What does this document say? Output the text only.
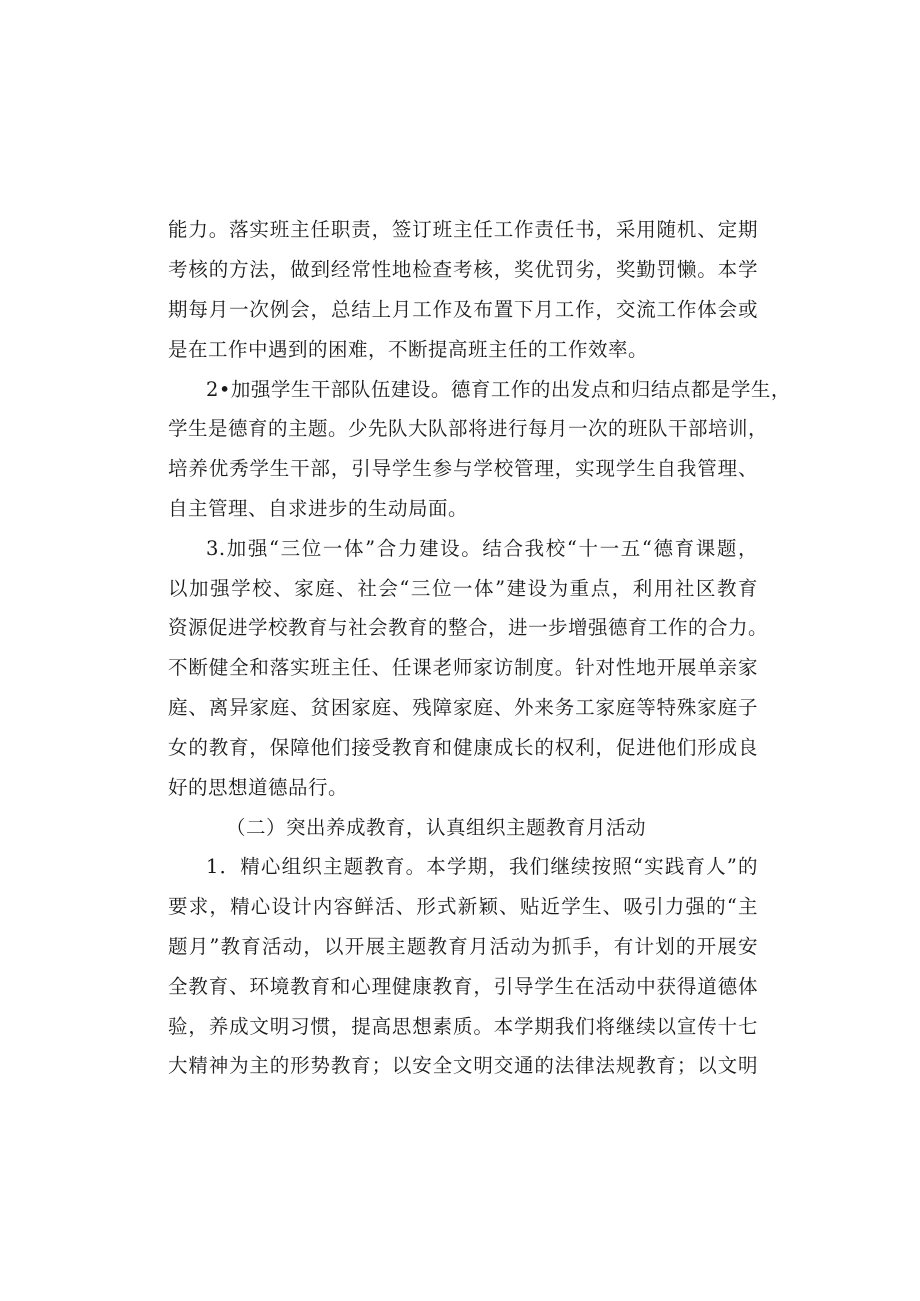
能力。落实班主任职责，签订班主任工作责任书，采用随机、定期
考核的方法，做到经常性地检查考核，奖优罚劣，奖勤罚懒。本学
期每月一次例会，总结上月工作及布置下月工作，交流工作体会或
是在工作中遇到的困难，不断提高班主任的工作效率。
2•加强学生干部队伍建设。德育工作的出发点和归结点都是学生，
学生是德育的主题。少先队大队部将进行每月一次的班队干部培训，
培养优秀学生干部，引导学生参与学校管理，实现学生自我管理、
自主管理、自求进步的生动局面。
3.加强“三位一体”合力建设。结合我校“十一五“德育课题，
以加强学校、家庭、社会“三位一体”建设为重点，利用社区教育
资源促进学校教育与社会教育的整合，进一步增强德育工作的合力。
不断健全和落实班主任、任课老师家访制度。针对性地开展单亲家
庭、离异家庭、贫困家庭、残障家庭、外来务工家庭等特殊家庭子
女的教育，保障他们接受教育和健康成长的权利，促进他们形成良
好的思想道德品行。
（二）突出养成教育，认真组织主题教育月活动
1．精心组织主题教育。本学期，我们继续按照“实践育人”的
要求，精心设计内容鲜活、形式新颖、贴近学生、吸引力强的“主
题月”教育活动，以开展主题教育月活动为抓手，有计划的开展安
全教育、环境教育和心理健康教育，引导学生在活动中获得道德体
验，养成文明习惯，提高思想素质。本学期我们将继续以宣传十七
大精神为主的形势教育；以安全文明交通的法律法规教育；以文明
